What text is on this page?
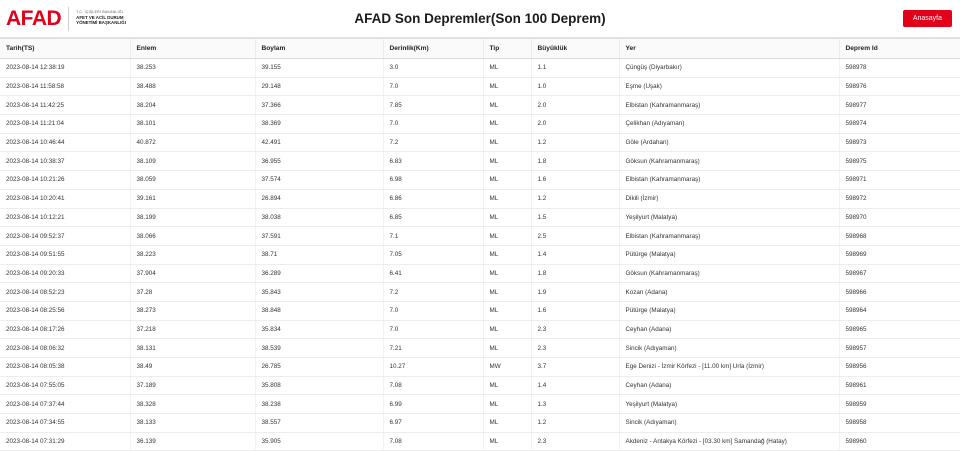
AFAD	T.C. İÇİŞLERİ BAKANLIĞI
AFET VE ACİL DURUM
YÖNETİMİ BAŞKANLIĞI	AFAD Son Depremler(Son 100 Deprem)	Anasayfa
Tarih(TS)	Enlem	Boylam	Derinlik(Km)	Tip	Büyüklük	Yer	Deprem Id
2023-08-14 12:38:19	38.253	39.155	3.0	ML	1.1	Çüngüş (Diyarbakır)	598978
2023-08-14 11:58:58	38.488	29.148	7.0	ML	1.0	Eşme (Uşak)	598976
2023-08-14 11:42:25	38.204	37.366	7.85	ML	2.0	Elbistan (Kahramanmaraş)	598977
2023-08-14 11:21:04	38.101	38.369	7.0	ML	2.0	Çelikhan (Adıyaman)	598974
2023-08-14 10:46:44	40.872	42.491	7.2	ML	1.2	Göle (Ardahan)	598973
2023-08-14 10:38:37	38.109	36.955	6.83	ML	1.8	Göksun (Kahramanmaraş)	598975
2023-08-14 10:21:26	38.059	37.574	6.98	ML	1.6	Elbistan (Kahramanmaraş)	598971
2023-08-14 10:20:41	39.161	26.894	6.86	ML	1.2	Dikili (İzmir)	598972
2023-08-14 10:12:21	38.199	38.038	6.85	ML	1.5	Yeşilyurt (Malatya)	598970
2023-08-14 09:52:37	38.066	37.591	7.1	ML	2.5	Elbistan (Kahramanmaraş)	598968
2023-08-14 09:51:55	38.223	38.71	7.05	ML	1.4	Pütürge (Malatya)	598969
2023-08-14 09:20:33	37.904	36.289	6.41	ML	1.8	Göksun (Kahramanmaraş)	598967
2023-08-14 08:52:23	37.28	35.843	7.2	ML	1.9	Kozan (Adana)	598966
2023-08-14 08:25:56	38.273	38.848	7.0	ML	1.6	Pütürge (Malatya)	598964
2023-08-14 08:17:26	37.218	35.834	7.0	ML	2.3	Ceyhan (Adana)	598965
2023-08-14 08:06:32	38.131	38.539	7.21	ML	2.3	Sincik (Adıyaman)	598957
2023-08-14 08:05:38	38.49	26.785	10.27	MW	3.7	Ege Denizi - İzmir Körfezi - [11.00 km] Urla (İzmir)	598956
2023-08-14 07:55:05	37.189	35.808	7.08	ML	1.4	Ceyhan (Adana)	598961
2023-08-14 07:37:44	38.328	38.238	6.99	ML	1.3	Yeşilyurt (Malatya)	598959
2023-08-14 07:34:55	38.133	38.557	6.97	ML	1.2	Sincik (Adıyaman)	598958
2023-08-14 07:31:29	36.139	35.905	7.08	ML	2.3	Akdeniz - Antakya Körfezi - [03.30 km] Samandağ (Hatay)	598960
